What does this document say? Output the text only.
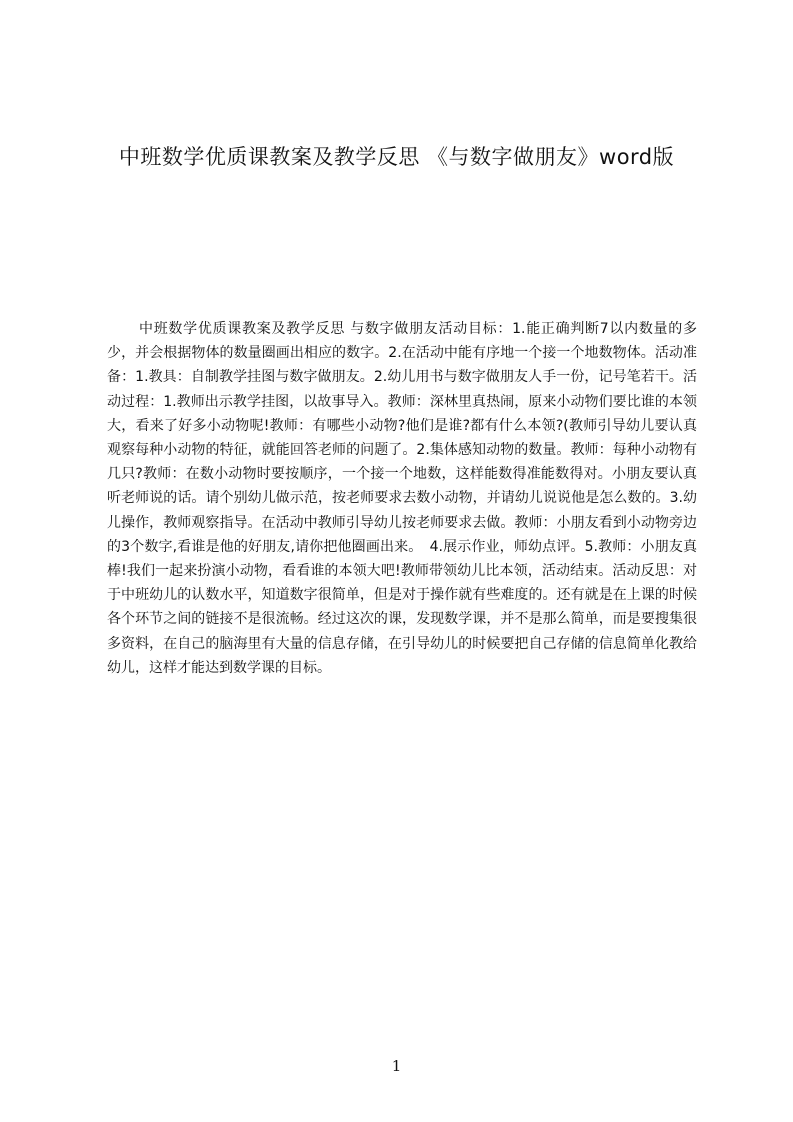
中班数学优质课教案及教学反思 《与数字做朋友》word版

中班数学优质课教案及教学反思 与数字做朋友活动目标：1.能正确判断7以内数量的多少，并会根据物体的数量圈画出相应的数字。2.在活动中能有序地一个接一个地数物体。活动准备：1.教具：自制教学挂图与数字做朋友。2.幼儿用书与数字做朋友人手一份，记号笔若干。活动过程：1.教师出示教学挂图，以故事导入。教师：深林里真热闹，原来小动物们要比谁的本领大，看来了好多小动物呢!教师：有哪些小动物?他们是谁?都有什么本领?(教师引导幼儿要认真观察每种小动物的特征，就能回答老师的问题了。2.集体感知动物的数量。教师：每种小动物有几只?教师：在数小动物时要按顺序，一个接一个地数，这样能数得准能数得对。小朋友要认真听老师说的话。请个别幼儿做示范，按老师要求去数小动物，并请幼儿说说他是怎么数的。3.幼儿操作，教师观察指导。在活动中教师引导幼儿按老师要求去做。教师：小朋友看到小动物旁边的3个数字,看谁是他的好朋友,请你把他圈画出来。　4.展示作业，师幼点评。5.教师：小朋友真棒!我们一起来扮演小动物，看看谁的本领大吧!教师带领幼儿比本领，活动结束。活动反思：对于中班幼儿的认数水平，知道数字很简单，但是对于操作就有些难度的。还有就是在上课的时候各个环节之间的链接不是很流畅。经过这次的课，发现数学课，并不是那么简单，而是要搜集很多资料，在自己的脑海里有大量的信息存储，在引导幼儿的时候要把自己存储的信息简单化教给幼儿，这样才能达到数学课的目标。

1
